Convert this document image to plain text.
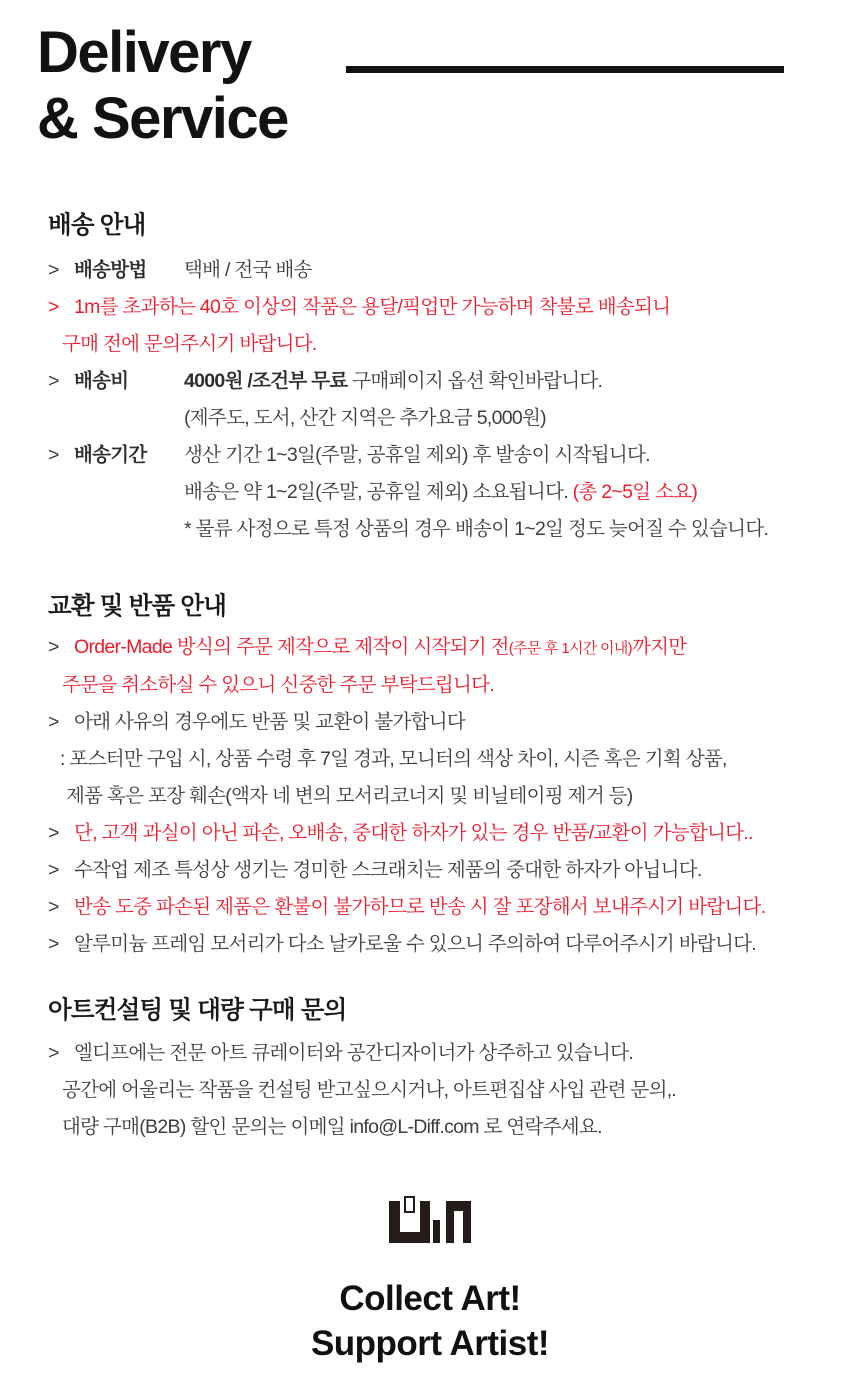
Delivery
& Service
배송 안내
> 배송방법 택배 / 전국 배송
> 1m를 초과하는 40호 이상의 작품은 용달/픽업만 가능하며 착불로 배송되니
구매 전에 문의주시기 바랍니다.
> 배송비	4000원 /조건부 무료 구매페이지 옵션 확인바랍니다.
(제주도, 도서, 산간 지역은 추가요금 5,000원)
> 배송기간 생산 기간 1~3일(주말, 공휴일 제외) 후 발송이 시작됩니다.
배송은 약 1~2일(주말, 공휴일 제외) 소요됩니다. (총 2~5일 소요)
* 물류 사정으로 특정 상품의 경우 배송이 1~2일 정도 늦어질 수 있습니다.
교환 및 반품 안내
> Order-Made 방식의 주문 제작으로 제작이 시작되기 전(주문 후 1시간 이내)까지만
주문을 취소하실 수 있으니 신중한 주문 부탁드립니다.
> 아래 사유의 경우에도 반품 및 교환이 불가합니다
: 포스터만 구입 시, 상품 수령 후 7일 경과, 모니터의 색상 차이, 시즌 혹은 기획 상품,
제품 혹은 포장 훼손(액자 네 변의 모서리코너지 및 비닐테이핑 제거 등)
> 단, 고객 과실이 아닌 파손, 오배송, 중대한 하자가 있는 경우 반품/교환이 가능합니다..
> 수작업 제조 특성상 생기는 경미한 스크래치는 제품의 중대한 하자가 아닙니다.
> 반송 도중 파손된 제품은 환불이 불가하므로 반송 시 잘 포장해서 보내주시기 바랍니다.
> 알루미늄 프레임 모서리가 다소 날카로울 수 있으니 주의하여 다루어주시기 바랍니다.
아트컨설팅 및 대량 구매 문의
> 엘디프에는 전문 아트 큐레이터와 공간디자이너가 상주하고 있습니다.
공간에 어울리는 작품을 컨설팅 받고싶으시거나, 아트편집샵 사입 관련 문의,.
대량 구매(B2B) 할인 문의는 이메일 info@L-Diff.com 로 연락주세요.
Collect Art!
Support Artist!
